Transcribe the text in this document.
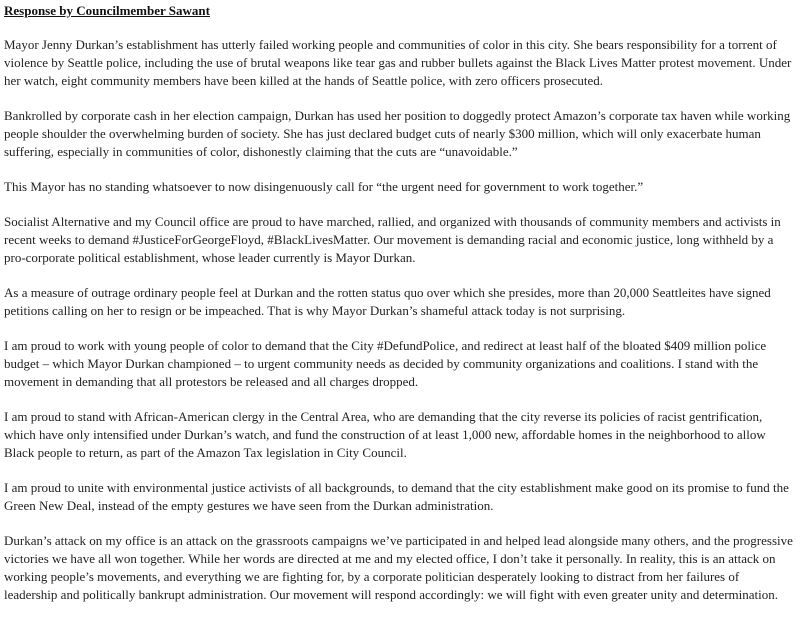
Response by Councilmember Sawant

Mayor Jenny Durkan’s establishment has utterly failed working people and communities of color in this city. She bears responsibility for a torrent of violence by Seattle police, including the use of brutal weapons like tear gas and rubber bullets against the Black Lives Matter protest movement. Under her watch, eight community members have been killed at the hands of Seattle police, with zero officers prosecuted.

Bankrolled by corporate cash in her election campaign, Durkan has used her position to doggedly protect Amazon’s corporate tax haven while working people shoulder the overwhelming burden of society. She has just declared budget cuts of nearly $300 million, which will only exacerbate human suffering, especially in communities of color, dishonestly claiming that the cuts are “unavoidable.”

This Mayor has no standing whatsoever to now disingenuously call for “the urgent need for government to work together.”

Socialist Alternative and my Council office are proud to have marched, rallied, and organized with thousands of community members and activists in recent weeks to demand #JusticeForGeorgeFloyd, #BlackLivesMatter. Our movement is demanding racial and economic justice, long withheld by a pro-corporate political establishment, whose leader currently is Mayor Durkan.

As a measure of outrage ordinary people feel at Durkan and the rotten status quo over which she presides, more than 20,000 Seattleites have signed petitions calling on her to resign or be impeached. That is why Mayor Durkan’s shameful attack today is not surprising.

I am proud to work with young people of color to demand that the City #DefundPolice, and redirect at least half of the bloated $409 million police budget – which Mayor Durkan championed – to urgent community needs as decided by community organizations and coalitions. I stand with the movement in demanding that all protestors be released and all charges dropped.

I am proud to stand with African-American clergy in the Central Area, who are demanding that the city reverse its policies of racist gentrification, which have only intensified under Durkan’s watch, and fund the construction of at least 1,000 new, affordable homes in the neighborhood to allow Black people to return, as part of the Amazon Tax legislation in City Council.

I am proud to unite with environmental justice activists of all backgrounds, to demand that the city establishment make good on its promise to fund the Green New Deal, instead of the empty gestures we have seen from the Durkan administration.

Durkan’s attack on my office is an attack on the grassroots campaigns we’ve participated in and helped lead alongside many others, and the progressive victories we have all won together. While her words are directed at me and my elected office, I don’t take it personally. In reality, this is an attack on working people’s movements, and everything we are fighting for, by a corporate politician desperately looking to distract from her failures of leadership and politically bankrupt administration. Our movement will respond accordingly: we will fight with even greater unity and determination.
